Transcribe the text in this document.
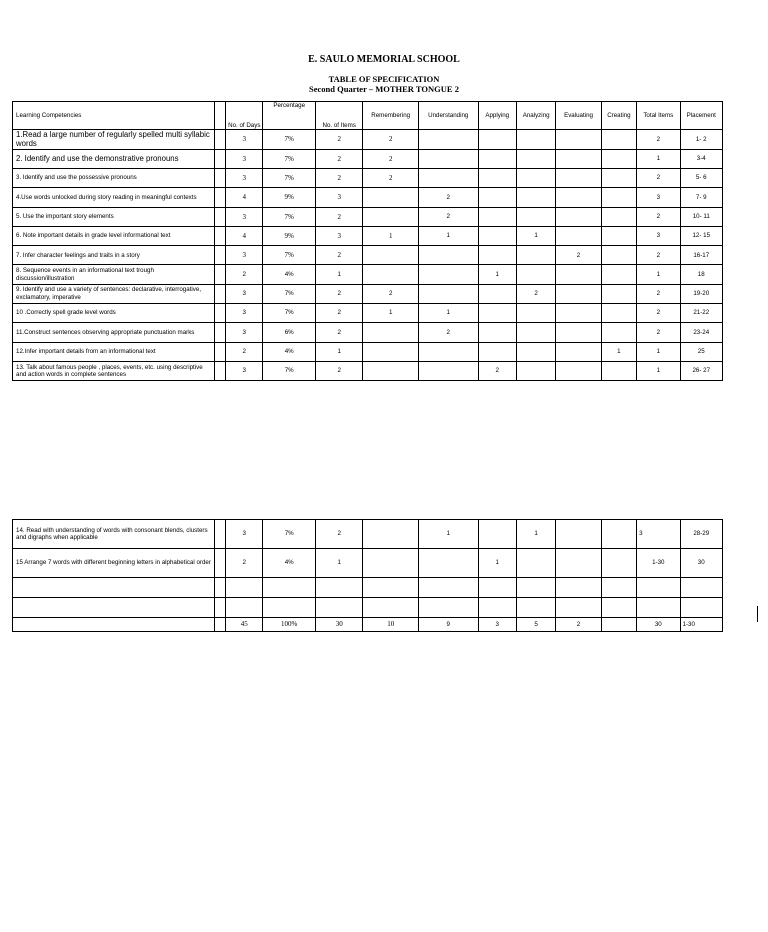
E. SAULO MEMORIAL SCHOOL
TABLE OF SPECIFICATION
Second Quarter – MOTHER TONGUE 2
Learning Competencies		No. of Days	Percentage	No. of Items	Remembering	Understanding	Applying	Analyzing	Evaluating	Creating	Total Items	Placement
1.Read a large number of regularly spelled multi syllabic words		3	7%	2	2						2	1- 2
2. Identify and use the demonstrative pronouns		3	7%	2	2						1	3-4
3. Identify and use the possessive pronouns		3	7%	2	2						2	5- 6
4.Use words unlocked during story reading in meaningful contexts		4	9%	3		2					3	7- 9
5. Use the important story elements		3	7%	2		2					2	10- 11
6. Note important details in grade level informational text		4	9%	3	1	1		1			3	12- 15
7. Infer character feelings and traits in a story		3	7%	2					2		2	16-17
8. Sequence events in an informational text trough discussion/illustration		2	4%	1			1				1	18
9. Identify and use a variety of sentences: declarative, interrogative, exclamatory, imperative		3	7%	2	2			2			2	19-20
10 .Correctly spell grade level words		3	7%	2	1	1					2	21-22
11.Construct sentences observing appropriate punctuation marks		3	6%	2		2					2	23-24
12.Infer important details from an informational text		2	4%	1						1	1	25
13. Talk about famous people , places, events, etc. using descriptive and action words in complete sentences		3	7%	2			2				1	26- 27
14. Read with understanding of words with consonant blends, clusters and digraphs when applicable		3	7%	2		1		1			3	28-29
15 Arrange 7 words with different beginning letters in alphabetical order		2	4%	1			1				1-30	30

		45	100%	30	10	9	3	5	2		30	1-30
